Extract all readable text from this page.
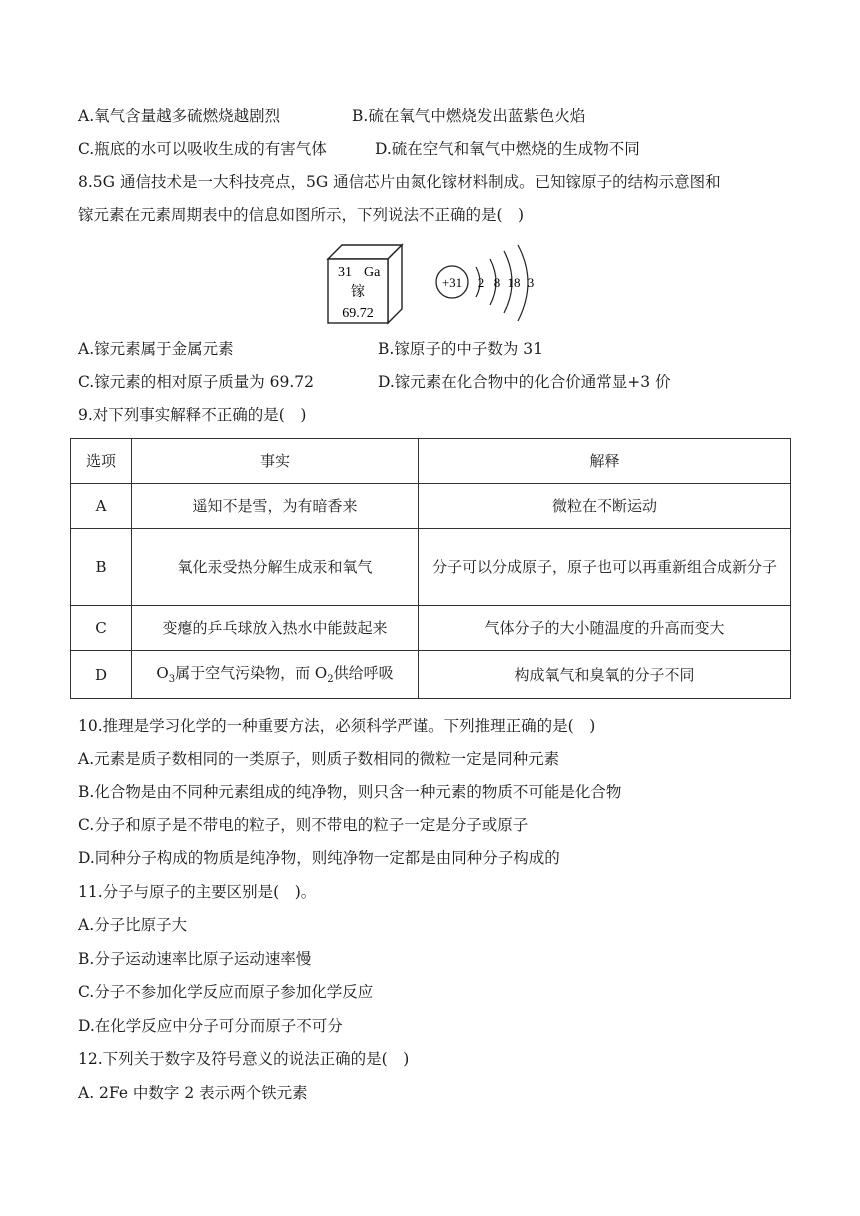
A.氧气含量越多硫燃烧越剧烈	B.硫在氧气中燃烧发出蓝紫色火焰
C.瓶底的水可以吸收生成的有害气体	D.硫在空气和氧气中燃烧的生成物不同
8.5G 通信技术是一大科技亮点，5G 通信芯片由氮化镓材料制成。已知镓原子的结构示意图和
镓元素在元素周期表中的信息如图所示，下列说法不正确的是(　)
31 Ga
镓
69.72
+31 2 8 18 3
A.镓元素属于金属元素	B.镓原子的中子数为 31
C.镓元素的相对原子质量为 69.72	D.镓元素在化合物中的化合价通常显+3 价
9.对下列事实解释不正确的是(　)
选项	事实	解释
A	遥知不是雪，为有暗香来	微粒在不断运动
B	氧化汞受热分解生成汞和氧气	分子可以分成原子，原子也可以再重新组合成新分子
C	变瘪的乒乓球放入热水中能鼓起来	气体分子的大小随温度的升高而变大
D	$O_3$属于空气污染物，而 $O_2$供给呼吸	构成氧气和臭氧的分子不同
10.推理是学习化学的一种重要方法，必须科学严谨。下列推理正确的是(　)
A.元素是质子数相同的一类原子，则质子数相同的微粒一定是同种元素
B.化合物是由不同种元素组成的纯净物，则只含一种元素的物质不可能是化合物
C.分子和原子是不带电的粒子，则不带电的粒子一定是分子或原子
D.同种分子构成的物质是纯净物，则纯净物一定都是由同种分子构成的
11.分子与原子的主要区别是(　)。
A.分子比原子大
B.分子运动速率比原子运动速率慢
C.分子不参加化学反应而原子参加化学反应
D.在化学反应中分子可分而原子不可分
12.下列关于数字及符号意义的说法正确的是(　)
A. 2Fe 中数字 2 表示两个铁元素
